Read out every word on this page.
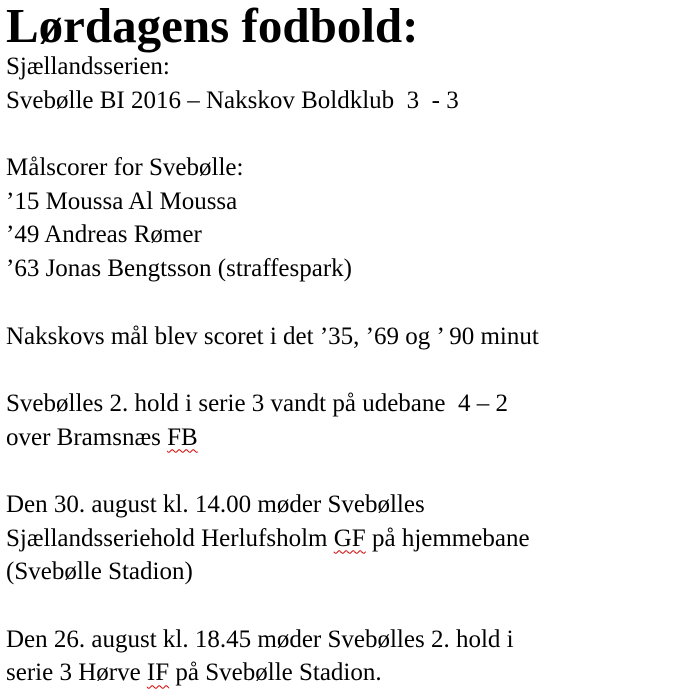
Lørdagens fodbold:
Sjællandsserien:
Svebølle BI 2016 – Nakskov Boldklub  3  - 3
Målscorer for Svebølle:
’15 Moussa Al Moussa
’49 Andreas Rømer
’63 Jonas Bengtsson (straffespark)
Nakskovs mål blev scoret i det ’35, ’69 og ’ 90 minut
Svebølles 2. hold i serie 3 vandt på udebane  4 – 2
over Bramsnæs FB
Den 30. august kl. 14.00 møder Svebølles
Sjællandsseriehold Herlufsholm GF på hjemmebane
(Svebølle Stadion)
Den 26. august kl. 18.45 møder Svebølles 2. hold i
serie 3 Hørve IF på Svebølle Stadion.
